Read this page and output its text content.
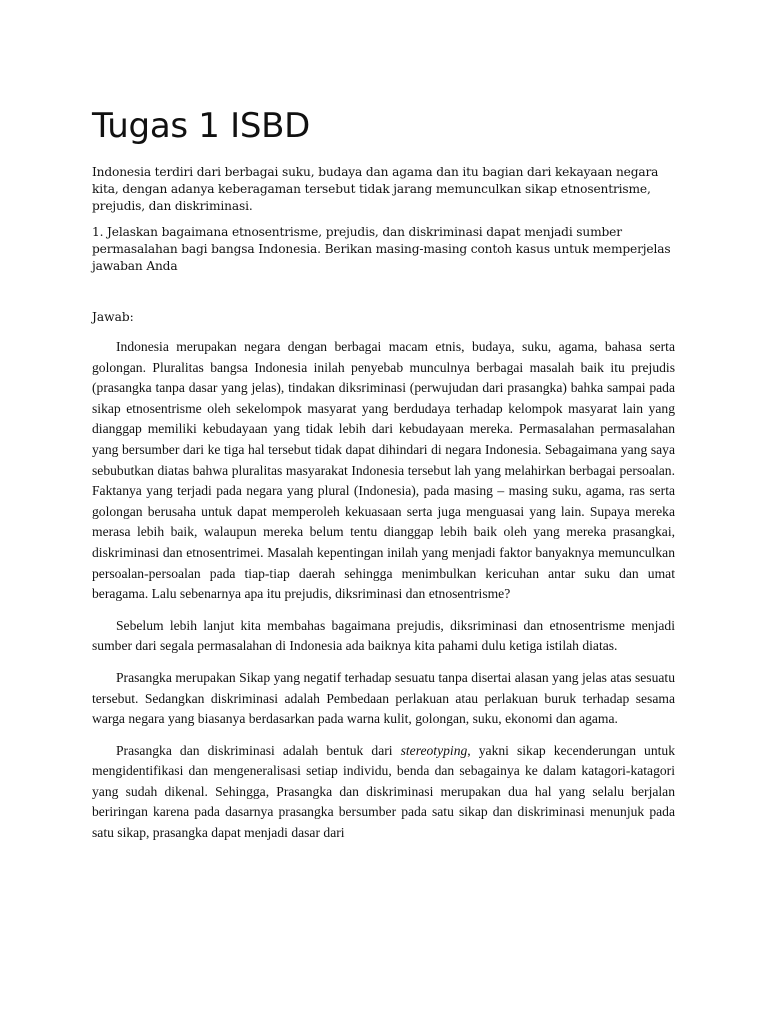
Tugas 1 ISBD

Indonesia terdiri dari berbagai suku, budaya dan agama dan itu bagian dari kekayaan negara kita, dengan adanya keberagaman tersebut tidak jarang memunculkan sikap etnosentrisme, prejudis, dan diskriminasi.

1. Jelaskan bagaimana etnosentrisme, prejudis, dan diskriminasi dapat menjadi sumber permasalahan bagi bangsa Indonesia. Berikan masing-masing contoh kasus untuk memperjelas jawaban Anda

Jawab:

Indonesia merupakan negara dengan berbagai macam etnis, budaya, suku, agama, bahasa serta golongan. Pluralitas bangsa Indonesia inilah penyebab munculnya berbagai masalah baik itu prejudis (prasangka tanpa dasar yang jelas), tindakan diksriminasi (perwujudan dari prasangka) bahka sampai pada sikap etnosentrisme oleh sekelompok masyarat yang berdudaya terhadap kelompok masyarat lain yang dianggap memiliki kebudayaan yang tidak lebih dari kebudayaan mereka. Permasalahan permasalahan yang bersumber dari ke tiga hal tersebut tidak dapat dihindari di negara Indonesia. Sebagaimana yang saya sebubutkan diatas bahwa pluralitas masyarakat Indonesia tersebut lah yang melahirkan berbagai persoalan. Faktanya yang terjadi pada negara yang plural (Indonesia), pada masing – masing suku, agama, ras serta golongan berusaha untuk dapat memperoleh kekuasaan serta juga menguasai yang lain. Supaya mereka merasa lebih baik, walaupun mereka belum tentu dianggap lebih baik oleh yang mereka prasangkai, diskriminasi dan etnosentrimei. Masalah kepentingan inilah yang menjadi faktor banyaknya memunculkan persoalan-persoalan pada tiap-tiap daerah sehingga menimbulkan kericuhan antar suku dan umat beragama. Lalu sebenarnya apa itu prejudis, diksriminasi dan etnosentrisme?

Sebelum lebih lanjut kita membahas bagaimana prejudis, diksriminasi dan etnosentrisme menjadi sumber dari segala permasalahan di Indonesia ada baiknya kita pahami dulu ketiga istilah diatas.

Prasangka merupakan Sikap yang negatif terhadap sesuatu tanpa disertai alasan yang jelas atas sesuatu tersebut. Sedangkan diskriminasi adalah Pembedaan perlakuan atau perlakuan buruk terhadap sesama warga negara yang biasanya berdasarkan pada warna kulit, golongan, suku, ekonomi dan agama.

Prasangka dan diskriminasi adalah bentuk dari stereotyping, yakni sikap kecenderungan untuk mengidentifikasi dan mengeneralisasi setiap individu, benda dan sebagainya ke dalam katagori-katagori yang sudah dikenal. Sehingga, Prasangka dan diskriminasi merupakan dua hal yang selalu berjalan beriringan karena pada dasarnya prasangka bersumber pada satu sikap dan diskriminasi menunjuk pada satu sikap, prasangka dapat menjadi dasar dari
